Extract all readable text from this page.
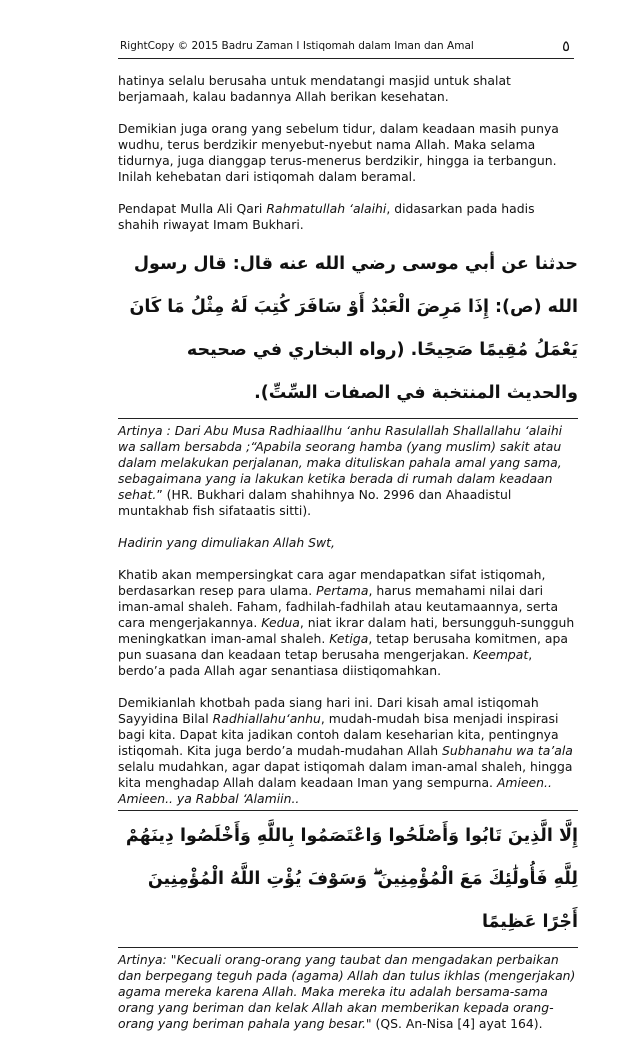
RightCopy © 2015 Badru Zaman I Istiqomah dalam Iman dan Amal	٥

hatinya selalu berusaha untuk mendatangi masjid untuk shalat berjamaah, kalau badannya Allah berikan kesehatan.

Demikian juga orang yang sebelum tidur, dalam keadaan masih punya wudhu, terus berdzikir menyebut-nyebut nama Allah. Maka selama tidurnya, juga dianggap terus-menerus berdzikir, hingga ia terbangun. Inilah kehebatan dari istiqomah dalam beramal.

Pendapat Mulla Ali Qari Rahmatullah ‘alaihi, didasarkan pada hadis shahih riwayat Imam Bukhari.

حدثنا عن أبي موسى رضي الله عنه قال: قال رسول الله (ص): إِذَا مَرِضَ الْعَبْدُ أَوْ سَافَرَ كُتِبَ لَهُ مِثْلُ مَا كَانَ يَعْمَلُ مُقِيمًا صَحِيحًا. (رواه البخاري في صحيحه والحديث المنتخبة في الصفات السِّتِّ).

Artinya : Dari Abu Musa Radhiaallhu ‘anhu Rasulallah Shallallahu ‘alaihi wa sallam bersabda ;“Apabila seorang hamba (yang muslim) sakit atau dalam melakukan perjalanan, maka dituliskan pahala amal yang sama, sebagaimana yang ia lakukan ketika berada di rumah dalam keadaan sehat.” (HR. Bukhari dalam shahihnya No. 2996 dan Ahaadistul muntakhab fish sifataatis sitti).

Hadirin yang dimuliakan Allah Swt,

Khatib akan mempersingkat cara agar mendapatkan sifat istiqomah, berdasarkan resep para ulama. Pertama, harus memahami nilai dari iman-amal shaleh. Faham, fadhilah-fadhilah atau keutamaannya, serta cara mengerjakannya. Kedua, niat ikrar dalam hati, bersungguh-sungguh meningkatkan iman-amal shaleh. Ketiga, tetap berusaha komitmen, apa pun suasana dan keadaan tetap berusaha mengerjakan. Keempat, berdo’a pada Allah agar senantiasa diistiqomahkan.

Demikianlah khotbah pada siang hari ini. Dari kisah amal istiqomah Sayyidina Bilal Radhiallahu‘anhu, mudah-mudah bisa menjadi inspirasi bagi kita. Dapat kita jadikan contoh dalam keseharian kita, pentingnya istiqomah. Kita juga berdo’a mudah-mudahan Allah Subhanahu wa ta’ala selalu mudahkan, agar dapat istiqomah dalam iman-amal shaleh, hingga kita menghadap Allah dalam keadaan Iman yang sempurna. Amieen.. Amieen.. ya Rabbal ‘Alamiin..

إِلَّا الَّذِينَ تَابُوا وَأَصْلَحُوا وَاعْتَصَمُوا بِاللَّهِ وَأَخْلَصُوا دِينَهُمْ لِلَّهِ فَأُولَٰئِكَ مَعَ الْمُؤْمِنِينَ ۖ وَسَوْفَ يُؤْتِ اللَّهُ الْمُؤْمِنِينَ أَجْرًا عَظِيمًا

Artinya: "Kecuali orang-orang yang taubat dan mengadakan perbaikan dan berpegang teguh pada (agama) Allah dan tulus ikhlas (mengerjakan) agama mereka karena Allah. Maka mereka itu adalah bersama-sama orang yang beriman dan kelak Allah akan memberikan kepada orang-orang yang beriman pahala yang besar." (QS. An-Nisa [4] ayat 164).
